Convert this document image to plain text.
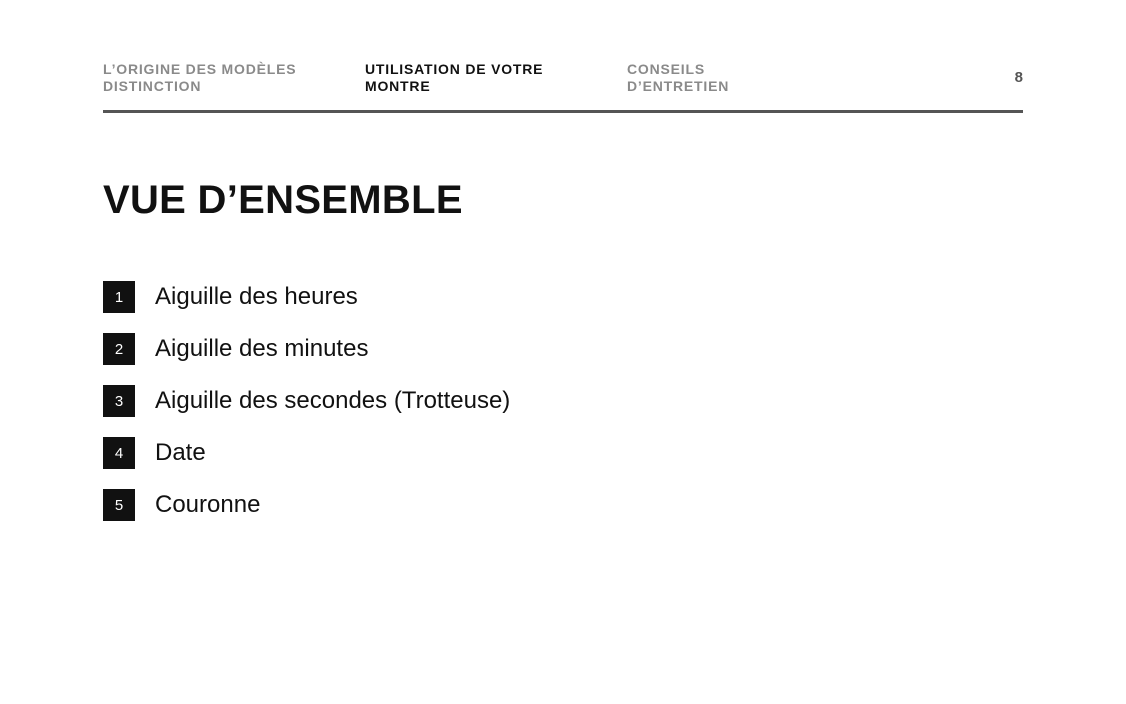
L’ORIGINE DES MODÈLES
DISTINCTION
UTILISATION DE VOTRE
MONTRE
CONSEILS
D’ENTRETIEN	8
VUE D’ENSEMBLE
1	Aiguille des heures
2	Aiguille des minutes
3	Aiguille des secondes (Trotteuse)
4	Date
5	Couronne
